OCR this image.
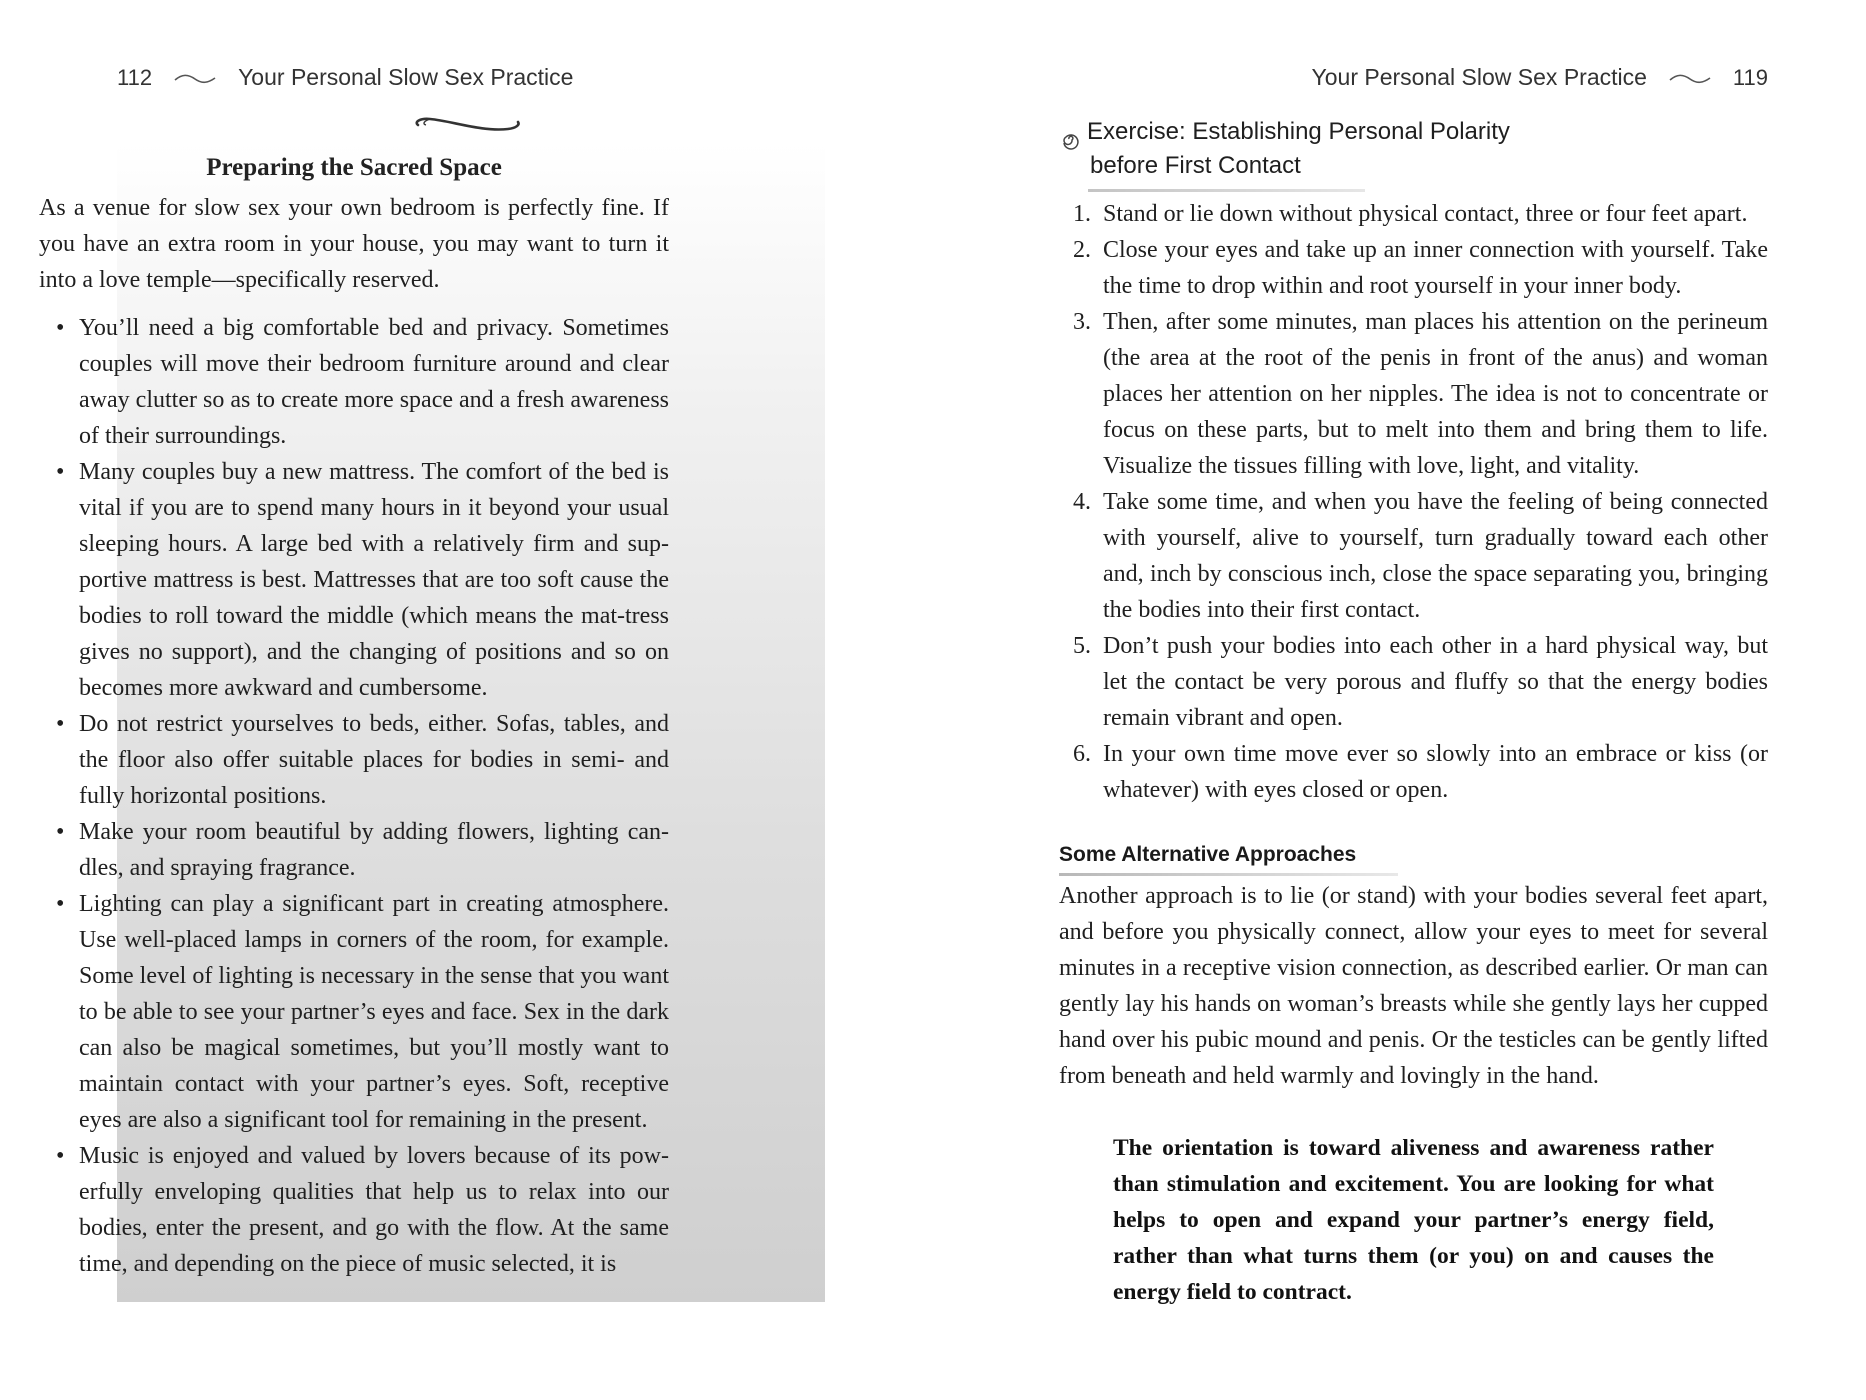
112	Your Personal Slow Sex Practice
Preparing the Sacred Space

As a venue for slow sex your own bedroom is perfectly fine. If you have an extra room in your house, you may want to turn it into a love temple—specifically reserved.

• You’ll need a big comfortable bed and privacy. Sometimes couples will move their bedroom furniture around and clear away clutter so as to create more space and a fresh awareness of their surroundings.
• Many couples buy a new mattress. The comfort of the bed is vital if you are to spend many hours in it beyond your usual sleeping hours. A large bed with a relatively firm and sup-portive mattress is best. Mattresses that are too soft cause the bodies to roll toward the middle (which means the mat-tress gives no support), and the changing of positions and so on becomes more awkward and cumbersome.
• Do not restrict yourselves to beds, either. Sofas, tables, and the floor also offer suitable places for bodies in semi- and fully horizontal positions.
• Make your room beautiful by adding flowers, lighting can-dles, and spraying fragrance.
• Lighting can play a significant part in creating atmosphere. Use well-placed lamps in corners of the room, for example. Some level of lighting is necessary in the sense that you want to be able to see your partner’s eyes and face. Sex in the dark can also be magical sometimes, but you’ll mostly want to maintain contact with your partner’s eyes. Soft, receptive eyes are also a significant tool for remaining in the present.
• Music is enjoyed and valued by lovers because of its pow-erfully enveloping qualities that help us to relax into our bodies, enter the present, and go with the flow. At the same time, and depending on the piece of music selected, it is
Your Personal Slow Sex Practice	119
Exercise: Establishing Personal Polarity
before First Contact
1. Stand or lie down without physical contact, three or four feet apart.
2. Close your eyes and take up an inner connection with yourself. Take the time to drop within and root yourself in your inner body.
3. Then, after some minutes, man places his attention on the perineum (the area at the root of the penis in front of the anus) and woman places her attention on her nipples. The idea is not to concentrate or focus on these parts, but to melt into them and bring them to life. Visualize the tissues filling with love, light, and vitality.
4. Take some time, and when you have the feeling of being connected with yourself, alive to yourself, turn gradually toward each other and, inch by conscious inch, close the space separating you, bringing the bodies into their first contact.
5. Don’t push your bodies into each other in a hard physical way, but let the contact be very porous and fluffy so that the energy bodies remain vibrant and open.
6. In your own time move ever so slowly into an embrace or kiss (or whatever) with eyes closed or open.
Some Alternative Approaches

Another approach is to lie (or stand) with your bodies several feet apart, and before you physically connect, allow your eyes to meet for several minutes in a receptive vision connection, as described earlier. Or man can gently lay his hands on woman’s breasts while she gently lays her cupped hand over his pubic mound and penis. Or the testicles can be gently lifted from beneath and held warmly and lovingly in the hand.

The orientation is toward aliveness and awareness rather than stimulation and excitement. You are looking for what helps to open and expand your partner’s energy field, rather than what turns them (or you) on and causes the energy field to contract.
